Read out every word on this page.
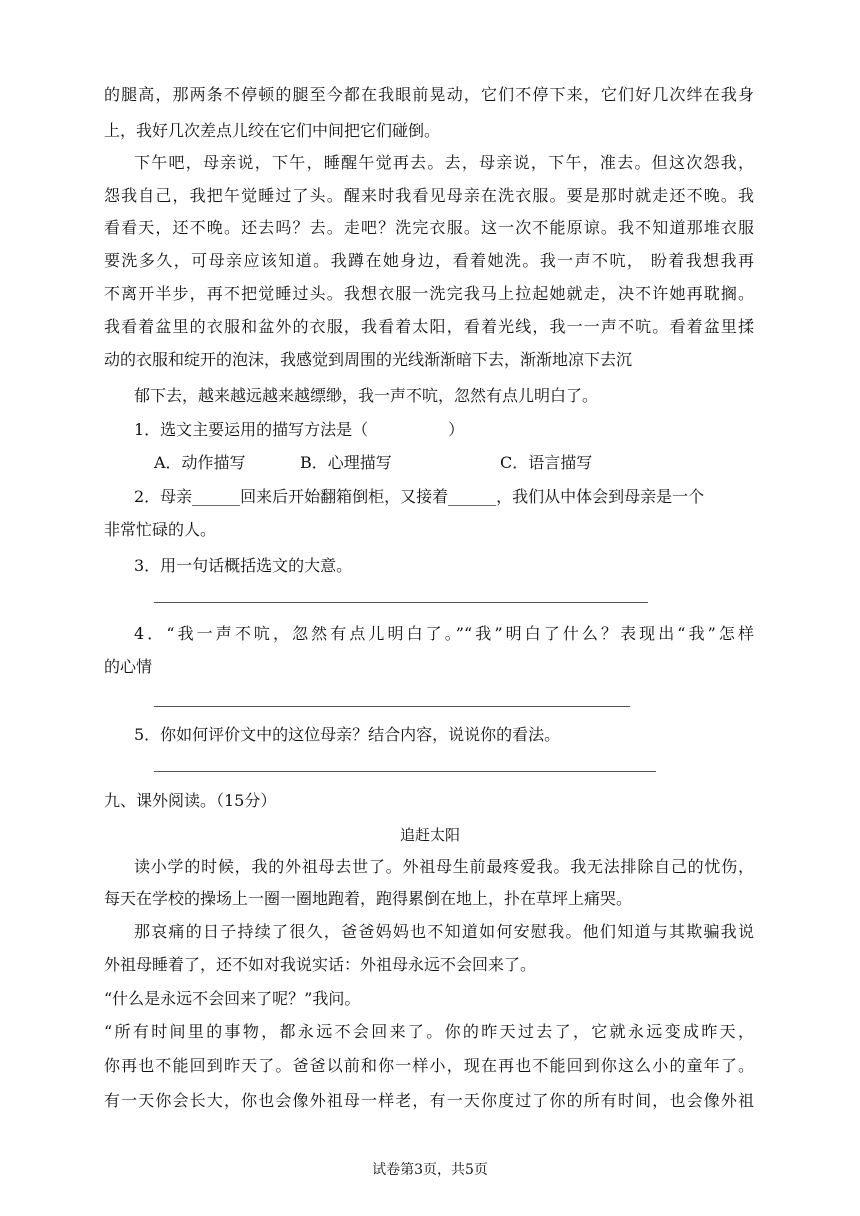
的腿高，那两条不停顿的腿至今都在我眼前晃动，它们不停下来，它们好几次绊在我身
上，我好几次差点儿绞在它们中间把它们碰倒。
下午吧，母亲说，下午，睡醒午觉再去。去，母亲说，下午，准去。但这次怨我，
怨我自己，我把午觉睡过了头。醒来时我看见母亲在洗衣服。要是那时就走还不晚。我
看看天，还不晚。还去吗？去。走吧？洗完衣服。这一次不能原谅。我不知道那堆衣服
要洗多久，可母亲应该知道。我蹲在她身边，看着她洗。我一声不吭， 盼着我想我再
不离开半步，再不把觉睡过头。我想衣服一洗完我马上拉起她就走，决不许她再耽搁。
我看着盆里的衣服和盆外的衣服，我看着太阳，看着光线，我一一声不吭。看着盆里揉
动的衣服和绽开的泡沫，我感觉到周围的光线渐渐暗下去，渐渐地凉下去沉
郁下去，越来越远越来越缥缈，我一声不吭，忽然有点儿明白了。
1．选文主要运用的描写方法是（　　　　　）
A．动作描写	B．心理描写	C．语言描写
2．母亲______回来后开始翻箱倒柜，又接着______，我们从中体会到母亲是一个
非常忙碌的人。
3．用一句话概括选文的大意。
4．“我一声不吭，忽然有点儿明白了。”“我”明白了什么？表现出“我”怎样
的心情
5．你如何评价文中的这位母亲？结合内容，说说你的看法。
九、课外阅读。（15分）
追赶太阳
读小学的时候，我的外祖母去世了。外祖母生前最疼爱我。我无法排除自己的忧伤，
每天在学校的操场上一圈一圈地跑着，跑得累倒在地上，扑在草坪上痛哭。
那哀痛的日子持续了很久，爸爸妈妈也不知道如何安慰我。他们知道与其欺骗我说
外祖母睡着了，还不如对我说实话：外祖母永远不会回来了。
“什么是永远不会回来了呢？”我问。
“所有时间里的事物，都永远不会回来了。你的昨天过去了，它就永远变成昨天，
你再也不能回到昨天了。爸爸以前和你一样小，现在再也不能回到你这么小的童年了。
有一天你会长大，你也会像外祖母一样老，有一天你度过了你的所有时间，也会像外祖
试卷第3页，共5页
